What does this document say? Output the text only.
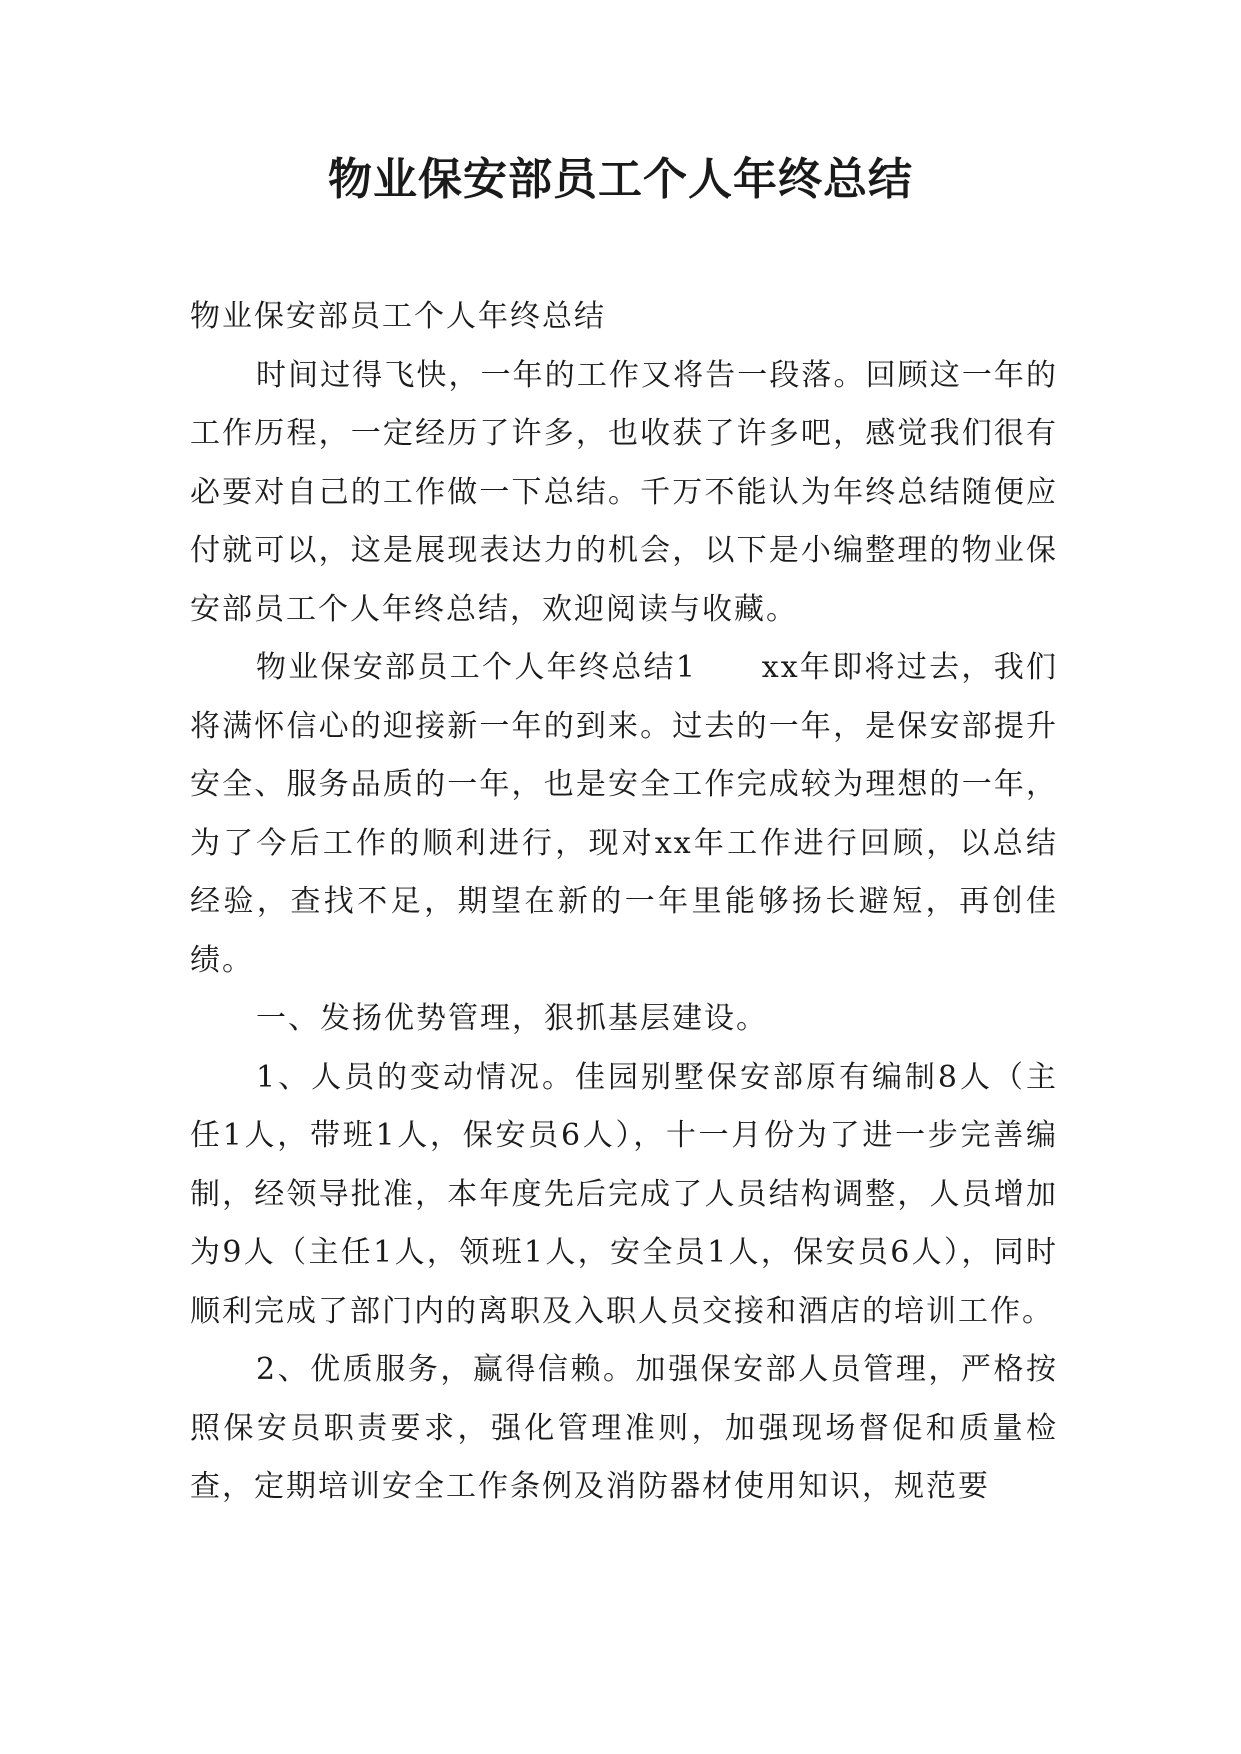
物业保安部员工个人年终总结

物业保安部员工个人年终总结

时间过得飞快，一年的工作又将告一段落。回顾这一年的工作历程，一定经历了许多，也收获了许多吧，感觉我们很有必要对自己的工作做一下总结。千万不能认为年终总结随便应付就可以，这是展现表达力的机会，以下是小编整理的物业保安部员工个人年终总结，欢迎阅读与收藏。

物业保安部员工个人年终总结1　　xx年即将过去，我们将满怀信心的迎接新一年的到来。过去的一年，是保安部提升安全、服务品质的一年，也是安全工作完成较为理想的一年，为了今后工作的顺利进行，现对xx年工作进行回顾，以总结经验，查找不足，期望在新的一年里能够扬长避短，再创佳绩。

一、发扬优势管理，狠抓基层建设。

1、人员的变动情况。佳园别墅保安部原有编制8人（主任1人，带班1人，保安员6人），十一月份为了进一步完善编制，经领导批准，本年度先后完成了人员结构调整，人员增加为9人（主任1人，领班1人，安全员1人，保安员6人），同时顺利完成了部门内的离职及入职人员交接和酒店的培训工作。

2、优质服务，赢得信赖。加强保安部人员管理，严格按照保安员职责要求，强化管理准则，加强现场督促和质量检查，定期培训安全工作条例及消防器材使用知识，规范要
